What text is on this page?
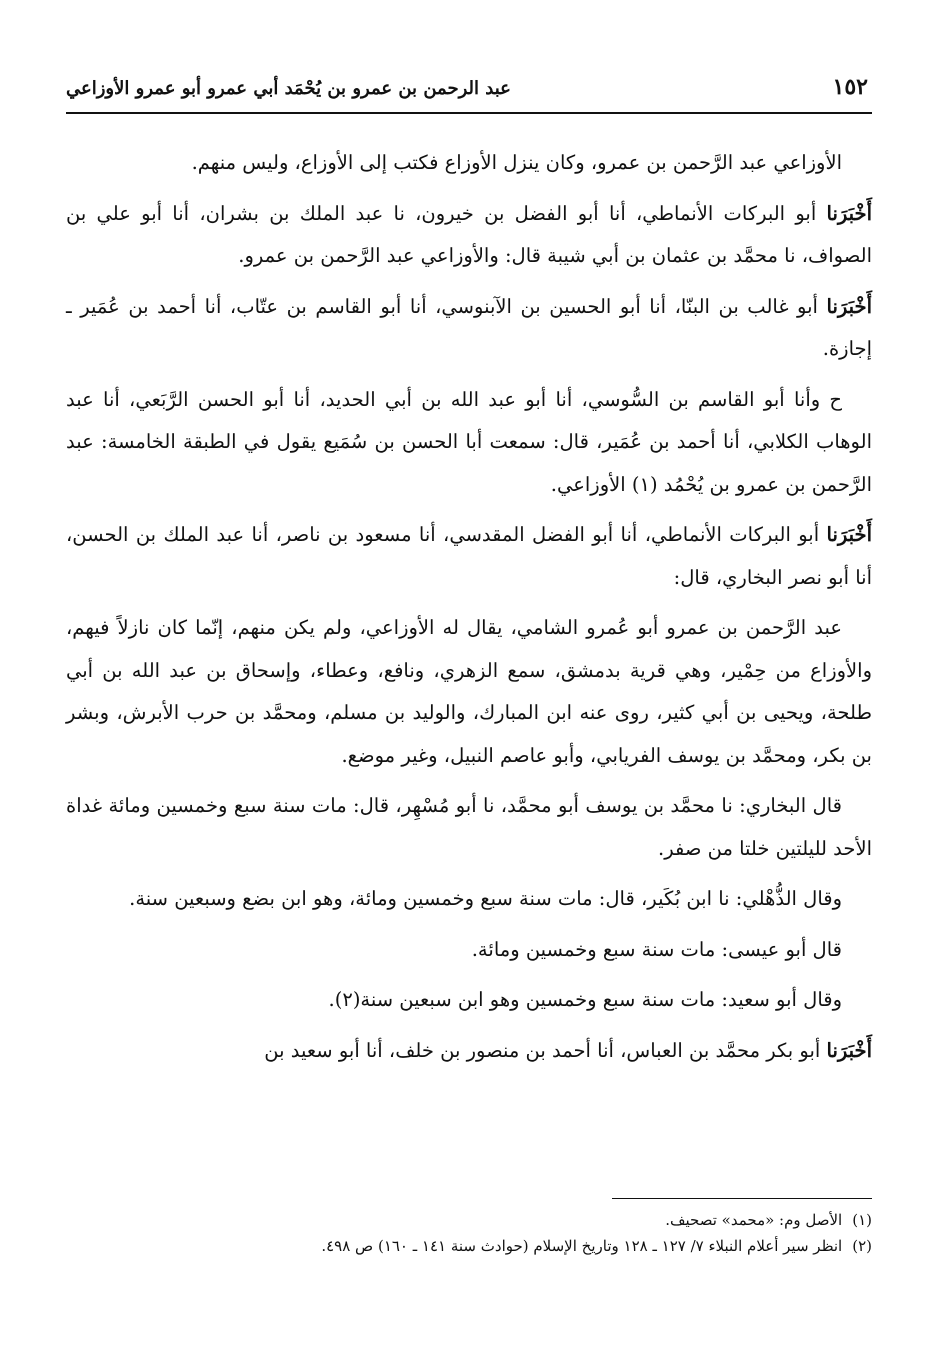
١٥٢
عبد الرحمن بن عمرو بن يُحْمَد أبي عمرو أبو عمرو الأوزاعي

الأوزاعي عبد الرَّحمن بن عمرو، وكان ينزل الأوزاع فكتب إلى الأوزاع، وليس منهم.

أَخْبَرَنا أبو البركات الأنماطي، أنا أبو الفضل بن خيرون، نا عبد الملك بن بشران، أنا أبو علي بن الصواف، نا محمَّد بن عثمان بن أبي شيبة قال: والأوزاعي عبد الرَّحمن بن عمرو.

أَخْبَرَنا أبو غالب بن البنّا، أنا أبو الحسين بن الآبنوسي، أنا أبو القاسم بن عتّاب، أنا أحمد بن عُمَير ـ إجازة.

ح وأنا أبو القاسم بن السُّوسي، أنا أبو عبد الله بن أبي الحديد، أنا أبو الحسن الرَّبَعي، أنا عبد الوهاب الكلابي، أنا أحمد بن عُمَير، قال: سمعت أبا الحسن بن سُمَيع يقول في الطبقة الخامسة: عبد الرَّحمن بن عمرو بن يُحْمُد (١) الأوزاعي.

أَخْبَرَنا أبو البركات الأنماطي، أنا أبو الفضل المقدسي، أنا مسعود بن ناصر، أنا عبد الملك بن الحسن، أنا أبو نصر البخاري، قال:

عبد الرَّحمن بن عمرو أبو عُمرو الشامي، يقال له الأوزاعي، ولم يكن منهم، إنّما كان نازلاً فيهم، والأوزاع من حِمْير، وهي قرية بدمشق، سمع الزهري، ونافع، وعطاء، وإسحاق بن عبد الله بن أبي طلحة، ويحيى بن أبي كثير، روى عنه ابن المبارك، والوليد بن مسلم، ومحمَّد بن حرب الأبرش، وبشر بن بكر، ومحمَّد بن يوسف الفريابي، وأبو عاصم النبيل، وغير موضع.

قال البخاري: نا محمَّد بن يوسف أبو محمَّد، نا أبو مُسْهِر، قال: مات سنة سبع وخمسين ومائة غداة الأحد لليلتين خلتا من صفر.

وقال الذُّهْلي: نا ابن بُكَير، قال: مات سنة سبع وخمسين ومائة، وهو ابن بضع وسبعين سنة.

قال أبو عيسى: مات سنة سبع وخمسين ومائة.

وقال أبو سعيد: مات سنة سبع وخمسين وهو ابن سبعين سنة(٢).

أَخْبَرَنا أبو بكر محمَّد بن العباس، أنا أحمد بن منصور بن خلف، أنا أبو سعيد بن

(١)
الأصل وم: «محمد» تصحيف.

(٢)
انظر سير أعلام النبلاء ٧/ ١٢٧ ـ ١٢٨ وتاريخ الإسلام (حوادث سنة ١٤١ ـ ١٦٠) ص ٤٩٨.
